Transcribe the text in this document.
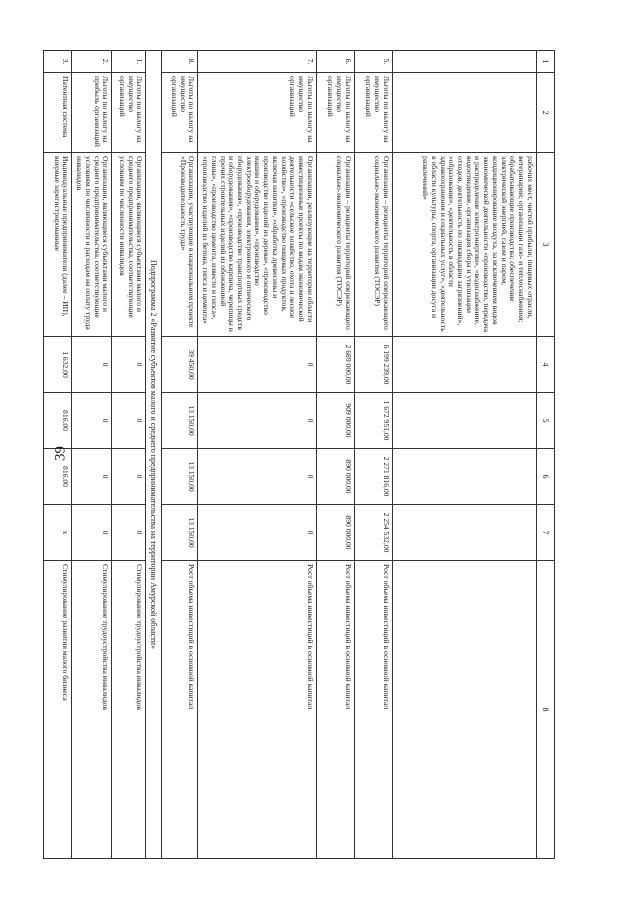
39
1	2	3	4	5	6	7	8
		рабочих мест, чистой прибыли; пищевых отрасли, ветеринарии; организации газо- и теплоснабжения; обрабатывающие производства; обеспечение электрической энергией, газом и паром, кондиционирование воздуха, за исключением видов экономической деятельности «производство, передача и распределение электроэнергии», «водоснабжение, водоотведение, организация сбора и утилизации отходов, деятельность по ликвидации загрязнений», «образование», «деятельность в области здравоохранения и социальных услуг», «деятельность в области культуры, спорта, организации досуга и развлечений»					
5.	Льготы по налогу на имущество организаций	Организации – резиденты территорий опережающего социально-экономического развития (ТОСЭР)	6 199 239,00	1 672 951,00	2 271 816,00	2 254 532,00	Рост объема инвестиций в основной капитал
6.	Льготы по налогу на имущество организаций	Организации – резиденты территорий опережающего социально-экономического развития (ТОСЭР)	2 689 000,00	909 000,00	890 000,00	890 000,00	Рост объема инвестиций в основной капитал
7.	Льготы по налогу на имущество организаций	Организации, реализующие на территории области инвестиционные проекты по видам экономической деятельности «сельское хозяйство, охота и лесное хозяйство», «производство пищевых продуктов, включая напитки», «обработка древесины и производство изделий из дерева», «производство машин и оборудования», «производство электрооборудования, электронного и оптического оборудования», «производство транспортных средств и оборудования», «производство кирпича, черепицы и прочих строительных изделий из обожженной глины», «производство цемента, извести и гипса», «производство изделий из бетона, гипса и цемента»	0	0	0	0	Рост объема инвестиций в основной капитал
8.	Льготы по налогу на имущество организаций	Организации, участвующие в национальном проекте «Производительность труда»	39 450,00	13 150,00	13 150,00	13 150,00	Рост объема инвестиций в основной капитал
Подпрограмма 2 «Развитие субъектов малого и среднего предпринимательства на территории Амурской области»							
1.	Льготы по налогу на имущество организаций	Организации, являющиеся субъектами малого и среднего предпринимательства, соответствующие условиям по численности инвалидов	0	0	0	0	Стимулирование трудоустройства инвалидов
2.	Льготы по налогу на прибыль организаций	Организации, являющиеся субъектами малого и среднего предпринимательства, соответствующие условиям по численности и расходам на оплату труда инвалидов	0	0	0	0	Стимулирование трудоустройства инвалидов
3.	Патентная система	Индивидуальные предприниматели (далее – ИП), впервые зарегистрированные	1 632,00	816,00	816,00	х	Стимулирование развития малого бизнеса
